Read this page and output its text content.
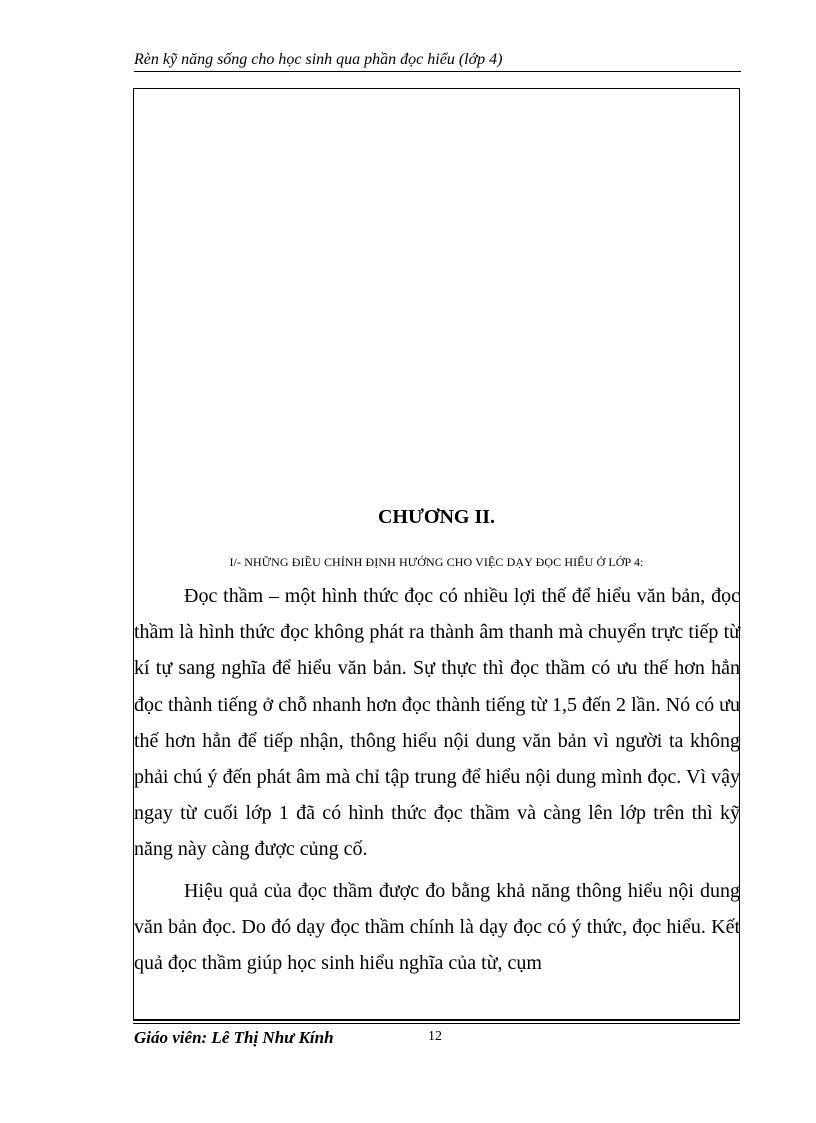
Rèn kỹ năng sống cho học sinh qua phần đọc hiểu (lớp 4)
CHƯƠNG II.
I/- NHỮNG ĐIỀU CHỈNH ĐỊNH HƯỚNG CHO VIỆC DẠY ĐỌC HIỂU Ở LỚP 4:

Đọc thầm – một hình thức đọc có nhiều lợi thế để hiểu văn bản, đọc thầm là hình thức đọc không phát ra thành âm thanh mà chuyển trực tiếp từ kí tự sang nghĩa để hiểu văn bản. Sự thực thì đọc thầm có ưu thế hơn hẳn đọc thành tiếng ở chỗ nhanh hơn đọc thành tiếng từ 1,5 đến 2 lần. Nó có ưu thế hơn hẳn để tiếp nhận, thông hiểu nội dung văn bản vì người ta không phải chú ý đến phát âm mà chỉ tập trung để hiểu nội dung mình đọc. Vì vậy ngay từ cuối lớp 1 đã có hình thức đọc thầm và càng lên lớp trên thì kỹ năng này càng được củng cố.

Hiệu quả của đọc thầm được đo bằng khả năng thông hiểu nội dung văn bản đọc. Do đó dạy đọc thầm chính là dạy đọc có ý thức, đọc hiểu. Kết quả đọc thầm giúp học sinh hiểu nghĩa của từ, cụm

Giáo viên: Lê Thị Như Kính	12
